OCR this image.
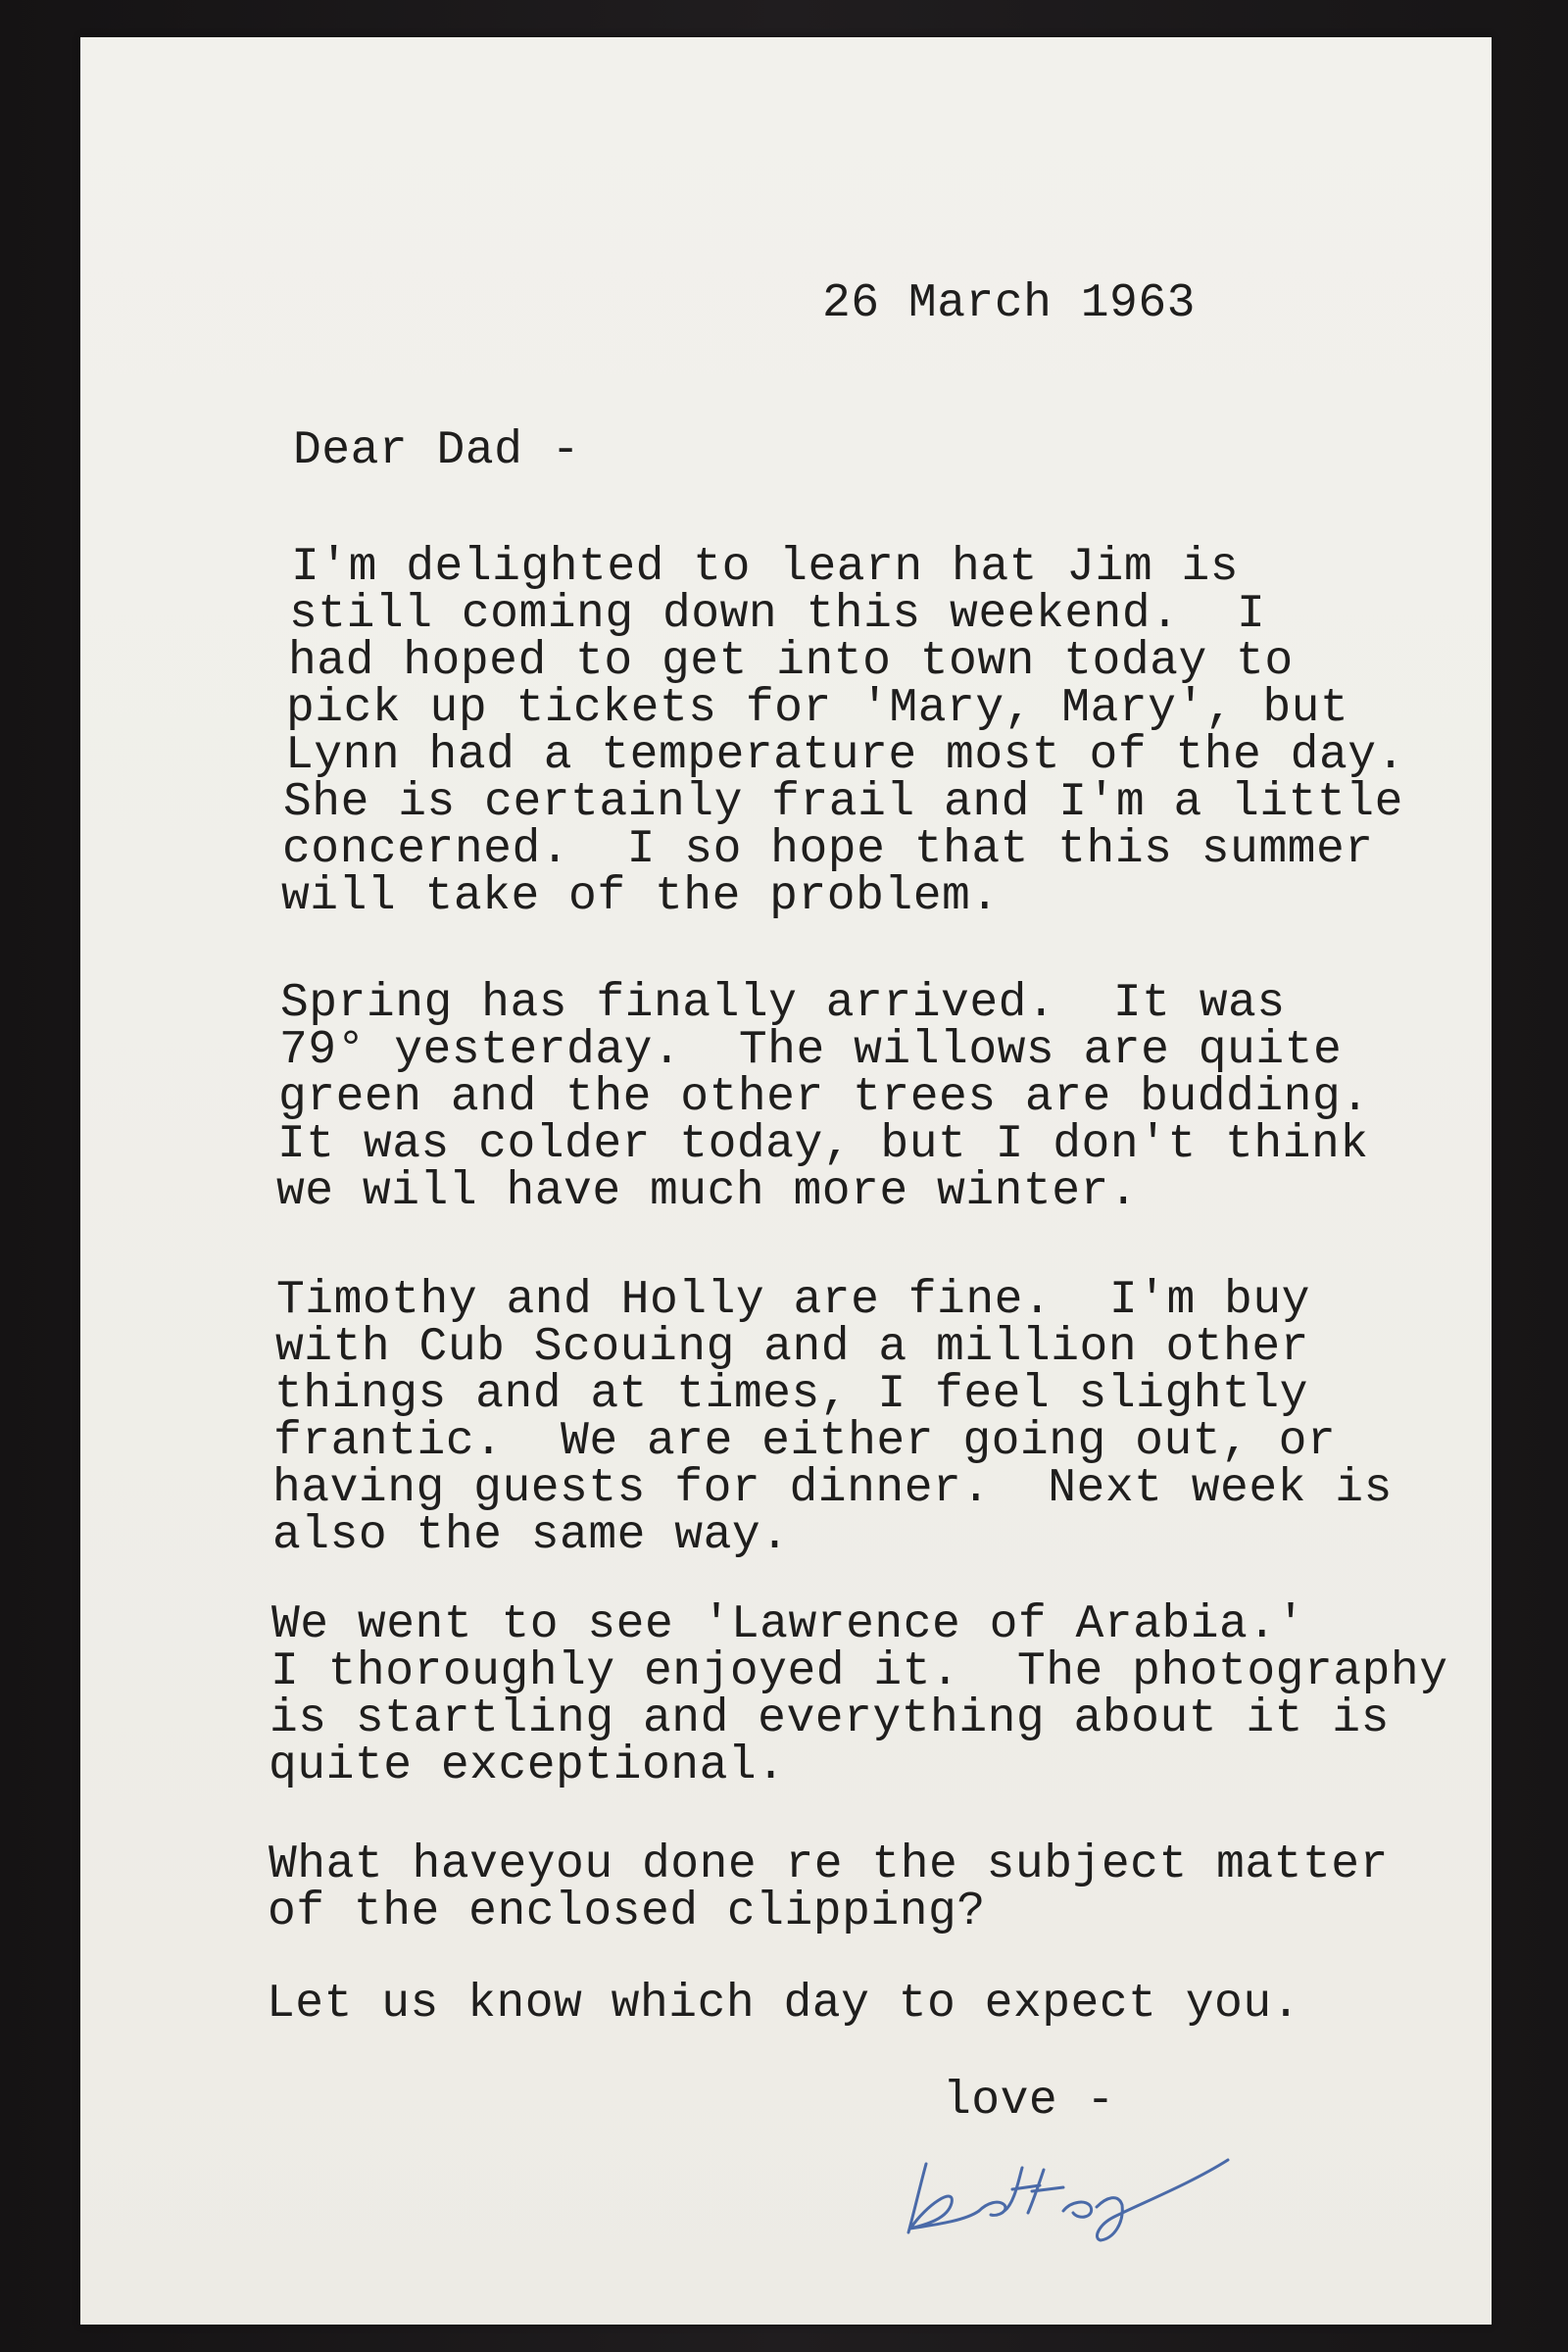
26 March 1963

Dear Dad -

I'm delighted to learn hat Jim is

still coming down this weekend.  I

had hoped to get into town today to

pick up tickets for 'Mary, Mary', but

Lynn had a temperature most of the day.

She is certainly frail and I'm a little

concerned.  I so hope that this summer

will take of the problem.

Spring has finally arrived.  It was

79° yesterday.  The willows are quite

green and the other trees are budding.

It was colder today, but I don't think

we will have much more winter.

Timothy and Holly are fine.  I'm buy

with Cub Scouing and a million other

things and at times, I feel slightly

frantic.  We are either going out, or

having guests for dinner.  Next week is

also the same way.

We went to see 'Lawrence of Arabia.'

I thoroughly enjoyed it.  The photography

is startling and everything about it is

quite exceptional.

What haveyou done re the subject matter

of the enclosed clipping?

Let us know which day to expect you.

love -
